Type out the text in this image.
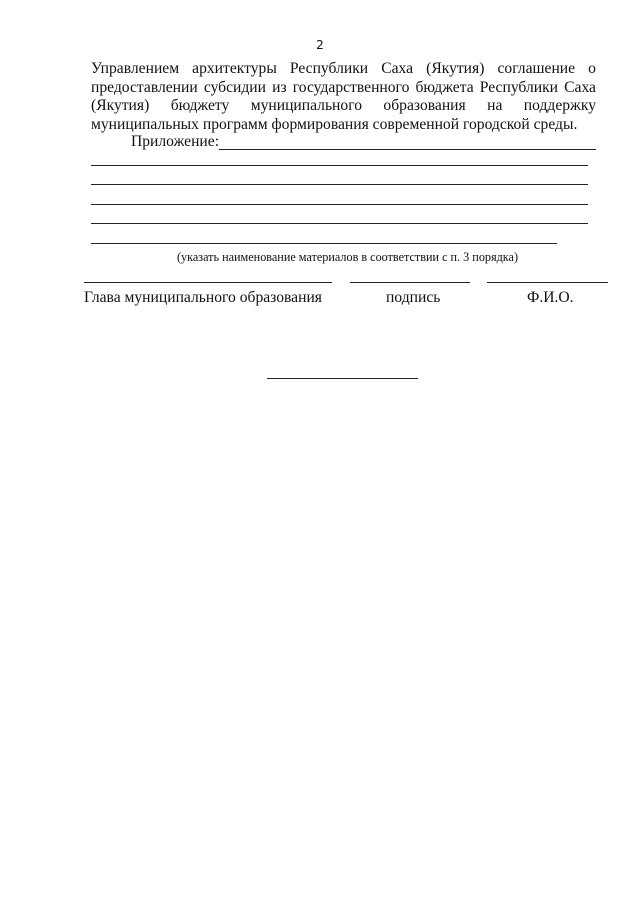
2
Управлением архитектуры Республики Саха (Якутия) соглашение о
предоставлении субсидии из государственного бюджета Республики Саха
(Якутия) бюджету муниципального образования на поддержку
муниципальных программ формирования современной городской среды.
Приложение:
(указать наименование материалов в соответствии с п. 3 порядка)
Глава муниципального образования	подпись	Ф.И.О.
